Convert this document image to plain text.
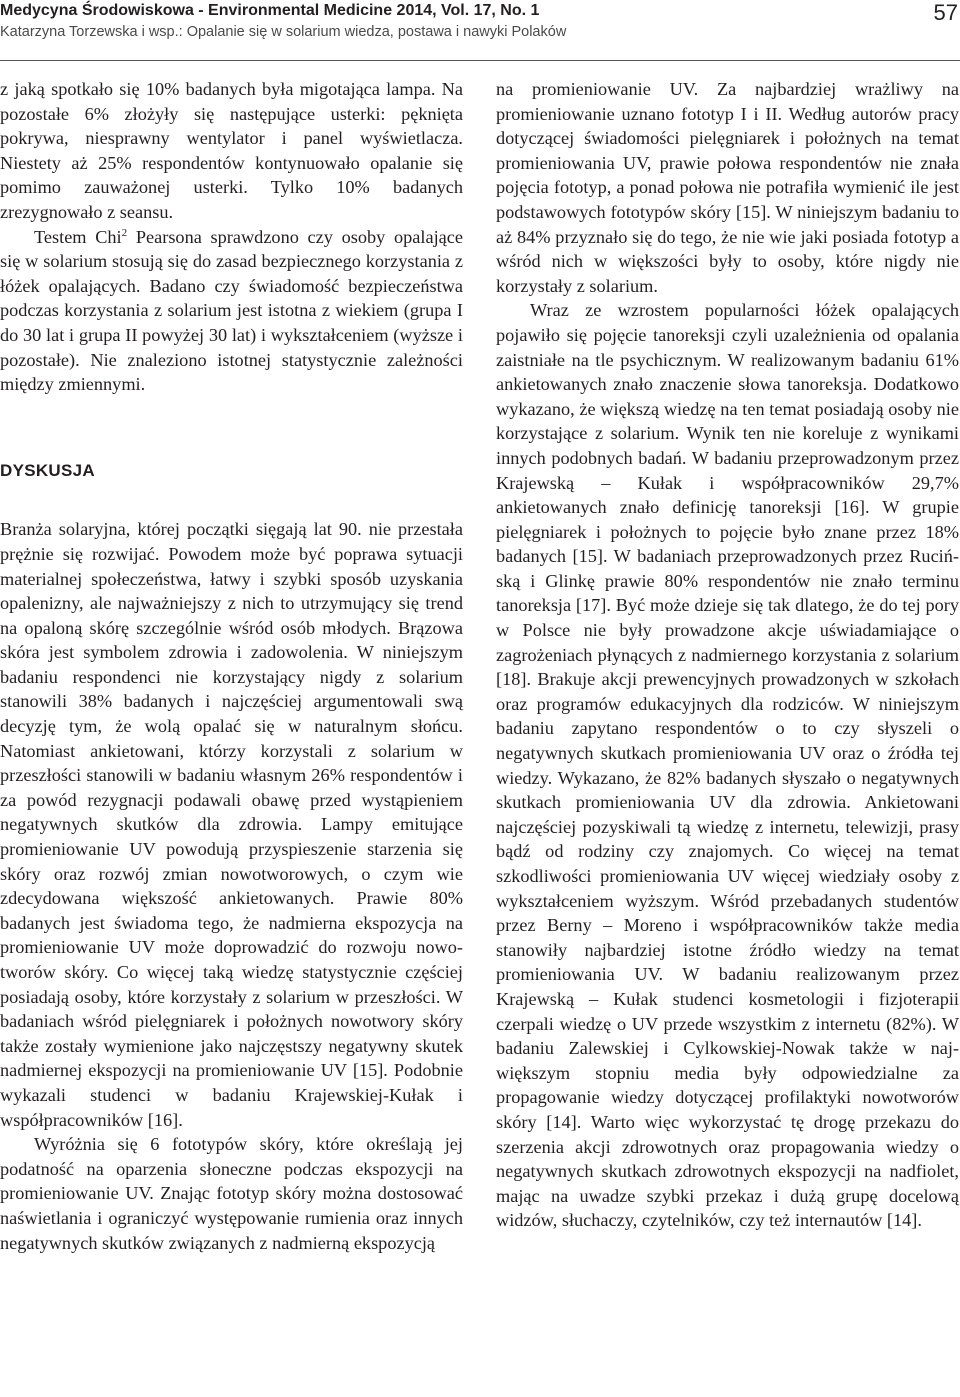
Medycyna Środowiskowa - Environmental Medicine 2014, Vol. 17, No. 1
Katarzyna Torzewska i wsp.: Opalanie się w solarium wiedza, postawa i nawyki Polaków
57

z jaką spotkało się 10% badanych była migotająca lampa. Na pozostałe 6% złożyły się następujące usterki: pęknięta pokrywa, niesprawny wentylator i panel wyświetlacza. Niestety aż 25% respondentów kontynuowało opalanie się pomimo zauważonej usterki. Tylko 10% badanych zrezygnowało z seansu.

Testem Chi$^2$ Pearsona sprawdzono czy osoby opalające się w solarium stosują się do zasad bezpiecznego korzystania z łóżek opalających. Badano czy świadomość bezpieczeństwa podczas korzystania z solarium jest istotna z wiekiem (grupa I do 30 lat i grupa II powyżej 30 lat) i wykształceniem (wyższe i pozostałe). Nie znaleziono istotnej statystycznie zależności między zmiennymi.

DYSKUSJA

Branża solaryjna, której początki sięgają lat 90. nie przestała prężnie się rozwijać. Powodem może być poprawa sytuacji materialnej społeczeństwa, łatwy i szybki sposób uzyskania opalenizny, ale najważniejszy z nich to utrzymujący się trend na opaloną skórę szczególnie wśród osób młodych. Brązowa skóra jest symbolem zdrowia i zadowolenia. W niniejszym badaniu respondenci nie korzystający nigdy z solarium stanowili 38% badanych i najczęściej argumentowali swą decyzję tym, że wolą opalać się w naturalnym słońcu. Natomiast ankietowani, którzy korzystali z solarium w przeszłości stanowili w badaniu własnym 26% respondentów i za powód rezygnacji podawali obawę przed wystąpieniem negatywnych skutków dla zdrowia. Lampy emitujące promieniowanie UV powodują przyspieszenie starzenia się skóry oraz rozwój zmian nowotworowych, o czym wie zdecydowana większość ankietowanych. Prawie 80% badanych jest świadoma tego, że nadmierna ekspozycja na promieniowanie UV może doprowadzić do rozwoju nowotworów skóry. Co więcej taką wiedzę statystycznie częściej posiadają osoby, które korzystały z solarium w przeszłości. W badaniach wśród pielęgniarek i położnych nowotwory skóry także zostały wymienione jako najczęstszy negatywny skutek nadmiernej ekspozycji na promieniowanie UV [15]. Podobnie wykazali studenci w badaniu Krajewskiej-Kułak i współpracowników [16].

Wyróżnia się 6 fototypów skóry, które określają jej podatność na oparzenia słoneczne podczas ekspozycji na promieniowanie UV. Znając fototyp skóry można dostosować naświetlania i ograniczyć występowanie rumienia oraz innych negatywnych skutków związanych z nadmierną ekspozycją

na promieniowanie UV. Za najbardziej wrażliwy na promieniowanie uznano fototyp I i II. Według autorów pracy dotyczącej świadomości pielęgniarek i położnych na temat promieniowania UV, prawie połowa respondentów nie znała pojęcia fototyp, a ponad połowa nie potrafiła wymienić ile jest podstawowych fototypów skóry [15]. W niniejszym badaniu to aż 84% przyznało się do tego, że nie wie jaki posiada fototyp a wśród nich w większości były to osoby, które nigdy nie korzystały z solarium.

Wraz ze wzrostem popularności łóżek opalających pojawiło się pojęcie tanoreksji czyli uzależnienia od opalania zaistniałe na tle psychicznym. W realizowanym badaniu 61% ankietowanych znało znaczenie słowa tanoreksja. Dodatkowo wykazano, że większą wiedzę na ten temat posiadają osoby nie korzystające z solarium. Wynik ten nie koreluje z wynikami innych podobnych badań. W badaniu przeprowadzonym przez Krajewską – Kułak i współpracowników 29,7% ankietowanych znało definicję tanoreksji [16]. W grupie pielęgniarek i położnych to pojęcie było znane przez 18% badanych [15]. W badaniach przeprowadzonych przez Rucińską i Glinkę prawie 80% respondentów nie znało terminu tanoreksja [17]. Być może dzieje się tak dlatego, że do tej pory w Polsce nie były prowadzone akcje uświadamiające o zagrożeniach płynących z nadmiernego korzystania z solarium [18]. Brakuje akcji prewencyjnych prowadzonych w szkołach oraz programów edukacyjnych dla rodziców. W niniejszym badaniu zapytano respondentów o to czy słyszeli o negatywnych skutkach promieniowania UV oraz o źródła tej wiedzy. Wykazano, że 82% badanych słyszało o negatywnych skutkach promieniowania UV dla zdrowia. Ankietowani najczęściej pozyskiwali tą wiedzę z internetu, telewizji, prasy bądź od rodziny czy znajomych. Co więcej na temat szkodliwości promieniowania UV więcej wiedziały osoby z wykształceniem wyższym. Wśród przebadanych studentów przez Berny – Moreno i współpracowników także media stanowiły najbardziej istotne źródło wiedzy na temat promieniowania UV. W badaniu realizowanym przez Krajewską – Kułak studenci kosmetologii i fizjoterapii czerpali wiedzę o UV przede wszystkim z internetu (82%). W badaniu Zalewskiej i Cylkowskiej-Nowak także w największym stopniu media były odpowiedzialne za propagowanie wiedzy dotyczącej profilaktyki nowotworów skóry [14]. Warto więc wykorzystać tę drogę przekazu do szerzenia akcji zdrowotnych oraz propagowania wiedzy o negatywnych skutkach zdrowotnych ekspozycji na nadfiolet, mając na uwadze szybki przekaz i dużą grupę docelową widzów, słuchaczy, czytelników, czy też internautów [14].
